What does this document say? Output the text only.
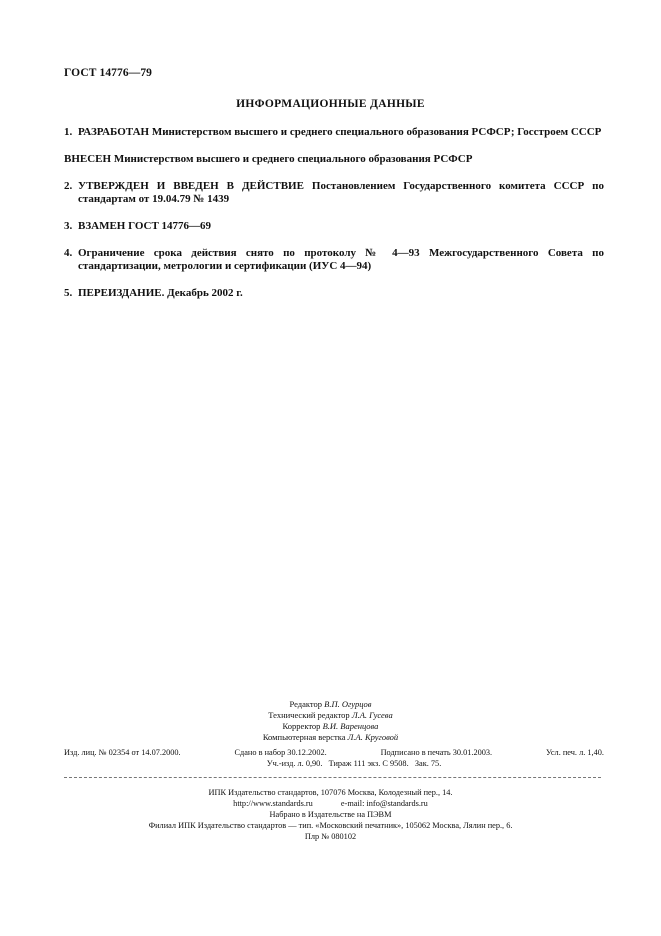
ГОСТ 14776—79
ИНФОРМАЦИОННЫЕ ДАННЫЕ
1. РАЗРАБОТАН Министерством высшего и среднего специального образования РСФСР; Госстроем СССР
ВНЕСЕН Министерством высшего и среднего специального образования РСФСР
2. УТВЕРЖДЕН И ВВЕДЕН В ДЕЙСТВИЕ Постановлением Государственного комитета СССР по стандартам от 19.04.79 № 1439
3. ВЗАМЕН ГОСТ 14776—69
4. Ограничение срока действия снято по протоколу № 4—93 Межгосударственного Совета по стандартизации, метрологии и сертификации (ИУС 4—94)
5. ПЕРЕИЗДАНИЕ. Декабрь 2002 г.
Редактор В.П. Огурцов
Технический редактор Л.А. Гусева
Корректор В.И. Варенцова
Компьютерная верстка Л.А. Круговой
Изд. лиц. № 02354 от 14.07.2000.	Сдано в набор 30.12.2002.	Подписано в печать 30.01.2003.	Усл. печ. л. 1,40.
Уч.-изд. л. 0,90.   Тираж 111 экз. С 9508.   Зак. 75.
ИПК Издательство стандартов, 107076 Москва, Колодезный пер., 14.
http://www.standards.ru	e-mail: info@standards.ru
Набрано в Издательстве на ПЭВМ
Филиал ИПК Издательство стандартов — тип. «Московский печатник», 105062 Москва, Лялин пер., 6.
Плр № 080102
